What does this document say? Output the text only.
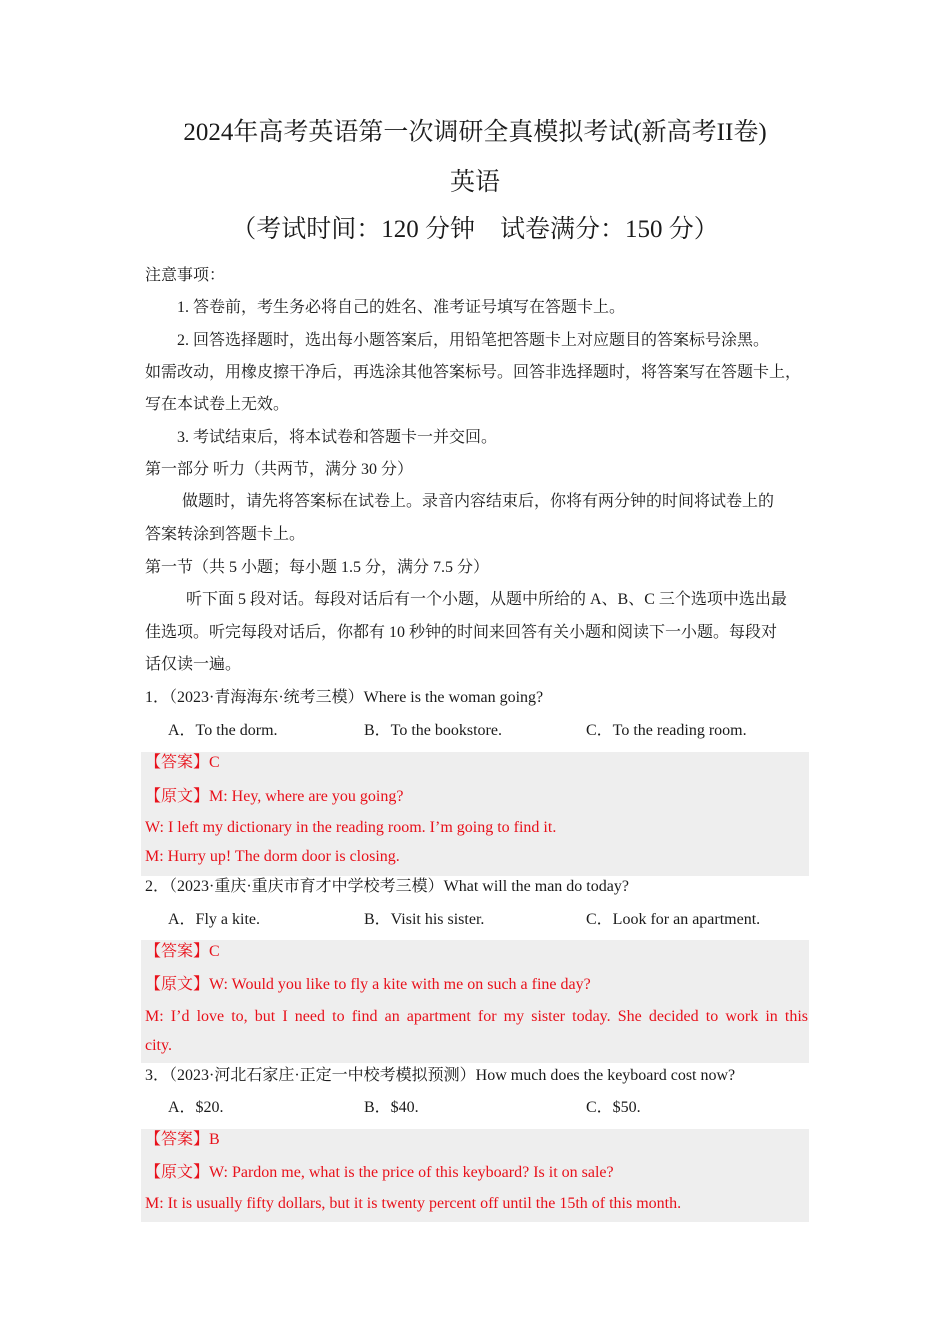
2024年高考英语第一次调研全真模拟考试(新高考II卷)
英语
（考试时间：120 分钟　试卷满分：150 分）
注意事项：
1. 答卷前，考生务必将自己的姓名、准考证号填写在答题卡上。
2. 回答选择题时，选出每小题答案后，用铅笔把答题卡上对应题目的答案标号涂黑。
如需改动，用橡皮擦干净后，再选涂其他答案标号。回答非选择题时，将答案写在答题卡上，
写在本试卷上无效。
3. 考试结束后，将本试卷和答题卡一并交回。
第一部分 听力（共两节，满分 30 分）
做题时，请先将答案标在试卷上。录音内容结束后，你将有两分钟的时间将试卷上的
答案转涂到答题卡上。
第一节（共 5 小题；每小题 1.5 分，满分 7.5 分）
听下面 5 段对话。每段对话后有一个小题，从题中所给的 A、B、C 三个选项中选出最
佳选项。听完每段对话后，你都有 10 秒钟的时间来回答有关小题和阅读下一小题。每段对
话仅读一遍。
1．（2023·青海海东·统考三模）Where is the woman going?
A．To the dorm.	B．To the bookstore.	C．To the reading room.
【答案】C
【原文】M: Hey, where are you going?
W: I left my dictionary in the reading room. I’m going to find it.
M: Hurry up! The dorm door is closing.
2．（2023·重庆·重庆市育才中学校考三模）What will the man do today?
A．Fly a kite.	B．Visit his sister.	C．Look for an apartment.
【答案】C
【原文】W: Would you like to fly a kite with me on such a fine day?
M: I’d love to, but I need to find an apartment for my sister today. She decided to work in this
city.
3．（2023·河北石家庄·正定一中校考模拟预测）How much does the keyboard cost now?
A．$20.	B．$40.	C．$50.
【答案】B
【原文】W: Pardon me, what is the price of this keyboard? Is it on sale?
M: It is usually fifty dollars, but it is twenty percent off until the 15th of this month.
